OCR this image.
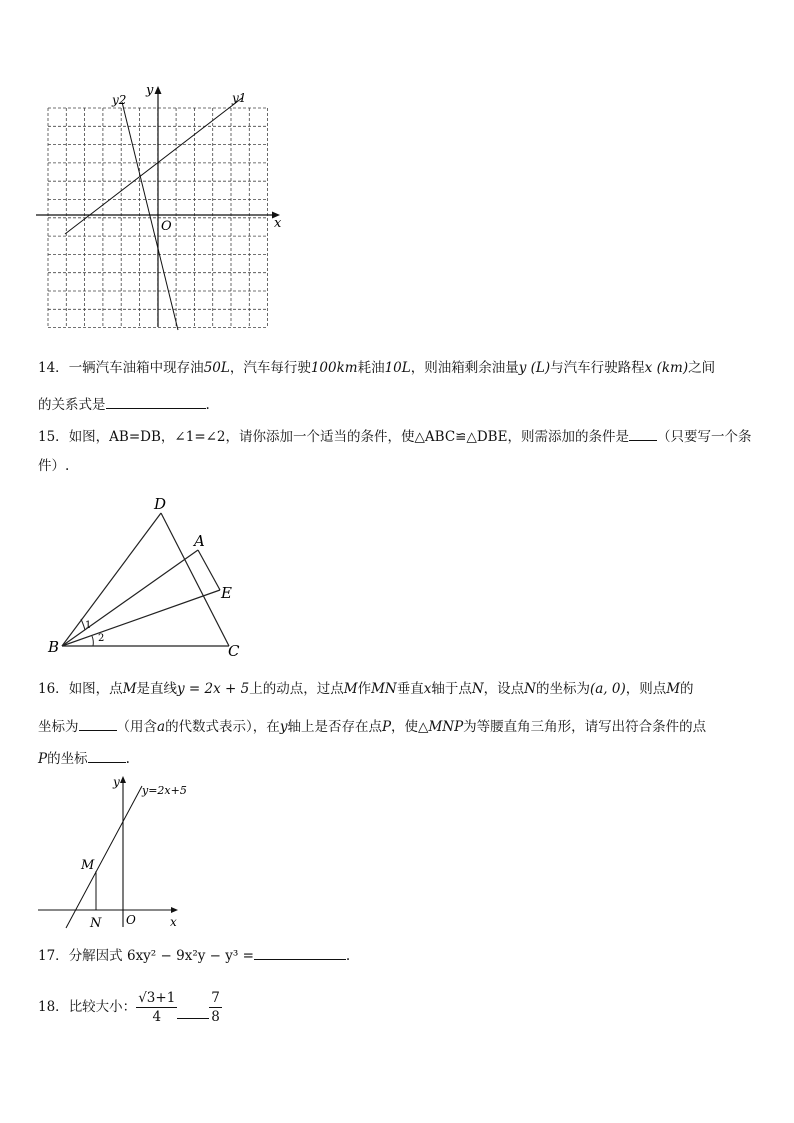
x
y
O
y1
y2
14．一辆汽车油箱中现存油50L，汽车每行驶100km耗油10L，则油箱剩余油量y (L)与汽车行驶路程x (km)之间
的关系式是	.
15．如图，AB=DB，∠1=∠2，请你添加一个适当的条件，使△ABC≌△DBE，则需添加的条件是 （只要写一个条
件）.
D
A
E
B	C
1
2
16．如图，点M是直线y = 2x + 5上的动点，过点M作MN垂直x轴于点N，设点N的坐标为(a, 0)，则点M的
坐标为	（用含a的代数式表示），在y轴上是否存在点P，使△MNP为等腰直角三角形，请写出符合条件的点
P的坐标	.
x
y
O
M
N
y=2x+5
17．分解因式 6xy² − 9x²y − y³ =	.
18．比较大小： $\frac{√3+1}{4} \frac{7}{8}$
